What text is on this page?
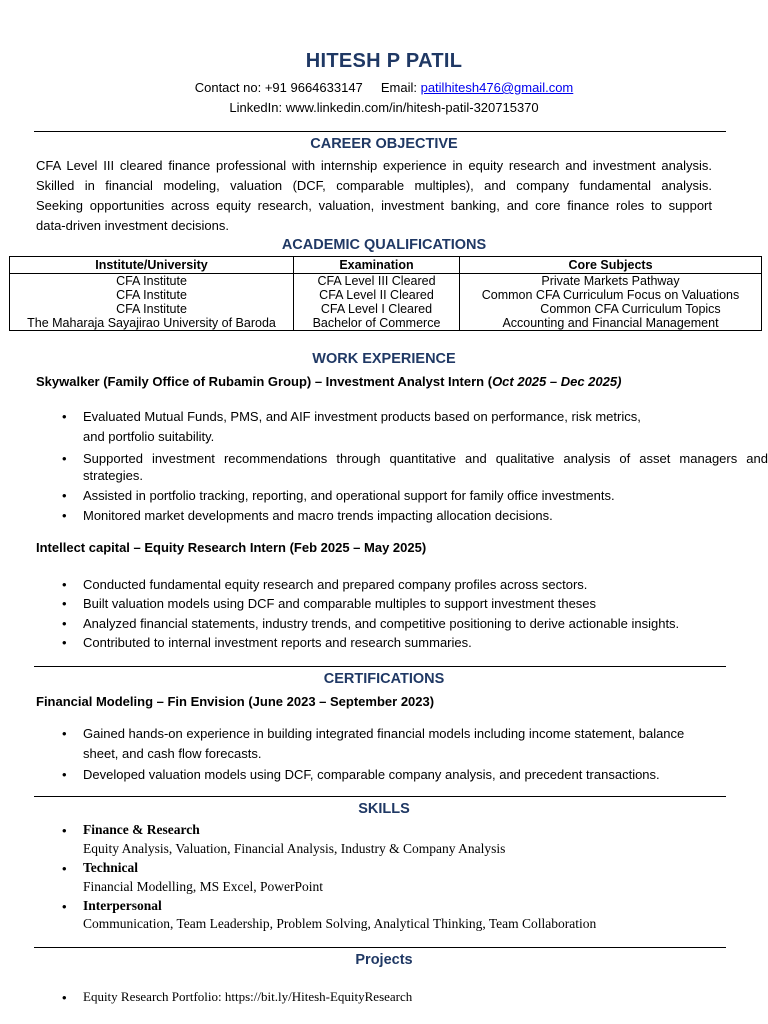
HITESH P PATIL
Contact no: +91 9664633147 Email: patilhitesh476@gmail.com
LinkedIn: www.linkedin.com/in/hitesh-patil-320715370
CAREER OBJECTIVE
CFA Level III cleared finance professional with internship experience in equity research and investment analysis.
Skilled in financial modeling, valuation (DCF, comparable multiples), and company fundamental analysis.
Seeking opportunities across equity research, valuation, investment banking, and core finance roles to support
data-driven investment decisions.
ACADEMIC QUALIFICATIONS
Institute/University	Examination	Core Subjects
CFA Institute	CFA Level III Cleared	Private Markets Pathway
CFA Institute	CFA Level II Cleared	Common CFA Curriculum Focus on Valuations
CFA Institute	CFA Level I Cleared	Common CFA Curriculum Topics
The Maharaja Sayajirao University of Baroda	Bachelor of Commerce	Accounting and Financial Management
WORK EXPERIENCE
Skywalker (Family Office of Rubamin Group) – Investment Analyst Intern (Oct 2025 – Dec 2025)
• Evaluated Mutual Funds, PMS, and AIF investment products based on performance, risk metrics,
and portfolio suitability.
• Supported investment recommendations through quantitative and qualitative analysis of asset managers and
strategies.
• Assisted in portfolio tracking, reporting, and operational support for family office investments.
• Monitored market developments and macro trends impacting allocation decisions.
Intellect capital – Equity Research Intern (Feb 2025 – May 2025)
• Conducted fundamental equity research and prepared company profiles across sectors.
• Built valuation models using DCF and comparable multiples to support investment theses
• Analyzed financial statements, industry trends, and competitive positioning to derive actionable insights.
• Contributed to internal investment reports and research summaries.
CERTIFICATIONS
Financial Modeling – Fin Envision (June 2023 – September 2023)
• Gained hands-on experience in building integrated financial models including income statement, balance
sheet, and cash flow forecasts.
• Developed valuation models using DCF, comparable company analysis, and precedent transactions.
SKILLS
• Finance & Research
Equity Analysis, Valuation, Financial Analysis, Industry & Company Analysis
• Technical
Financial Modelling, MS Excel, PowerPoint
• Interpersonal
Communication, Team Leadership, Problem Solving, Analytical Thinking, Team Collaboration
Projects
• Equity Research Portfolio: https://bit.ly/Hitesh-EquityResearch
